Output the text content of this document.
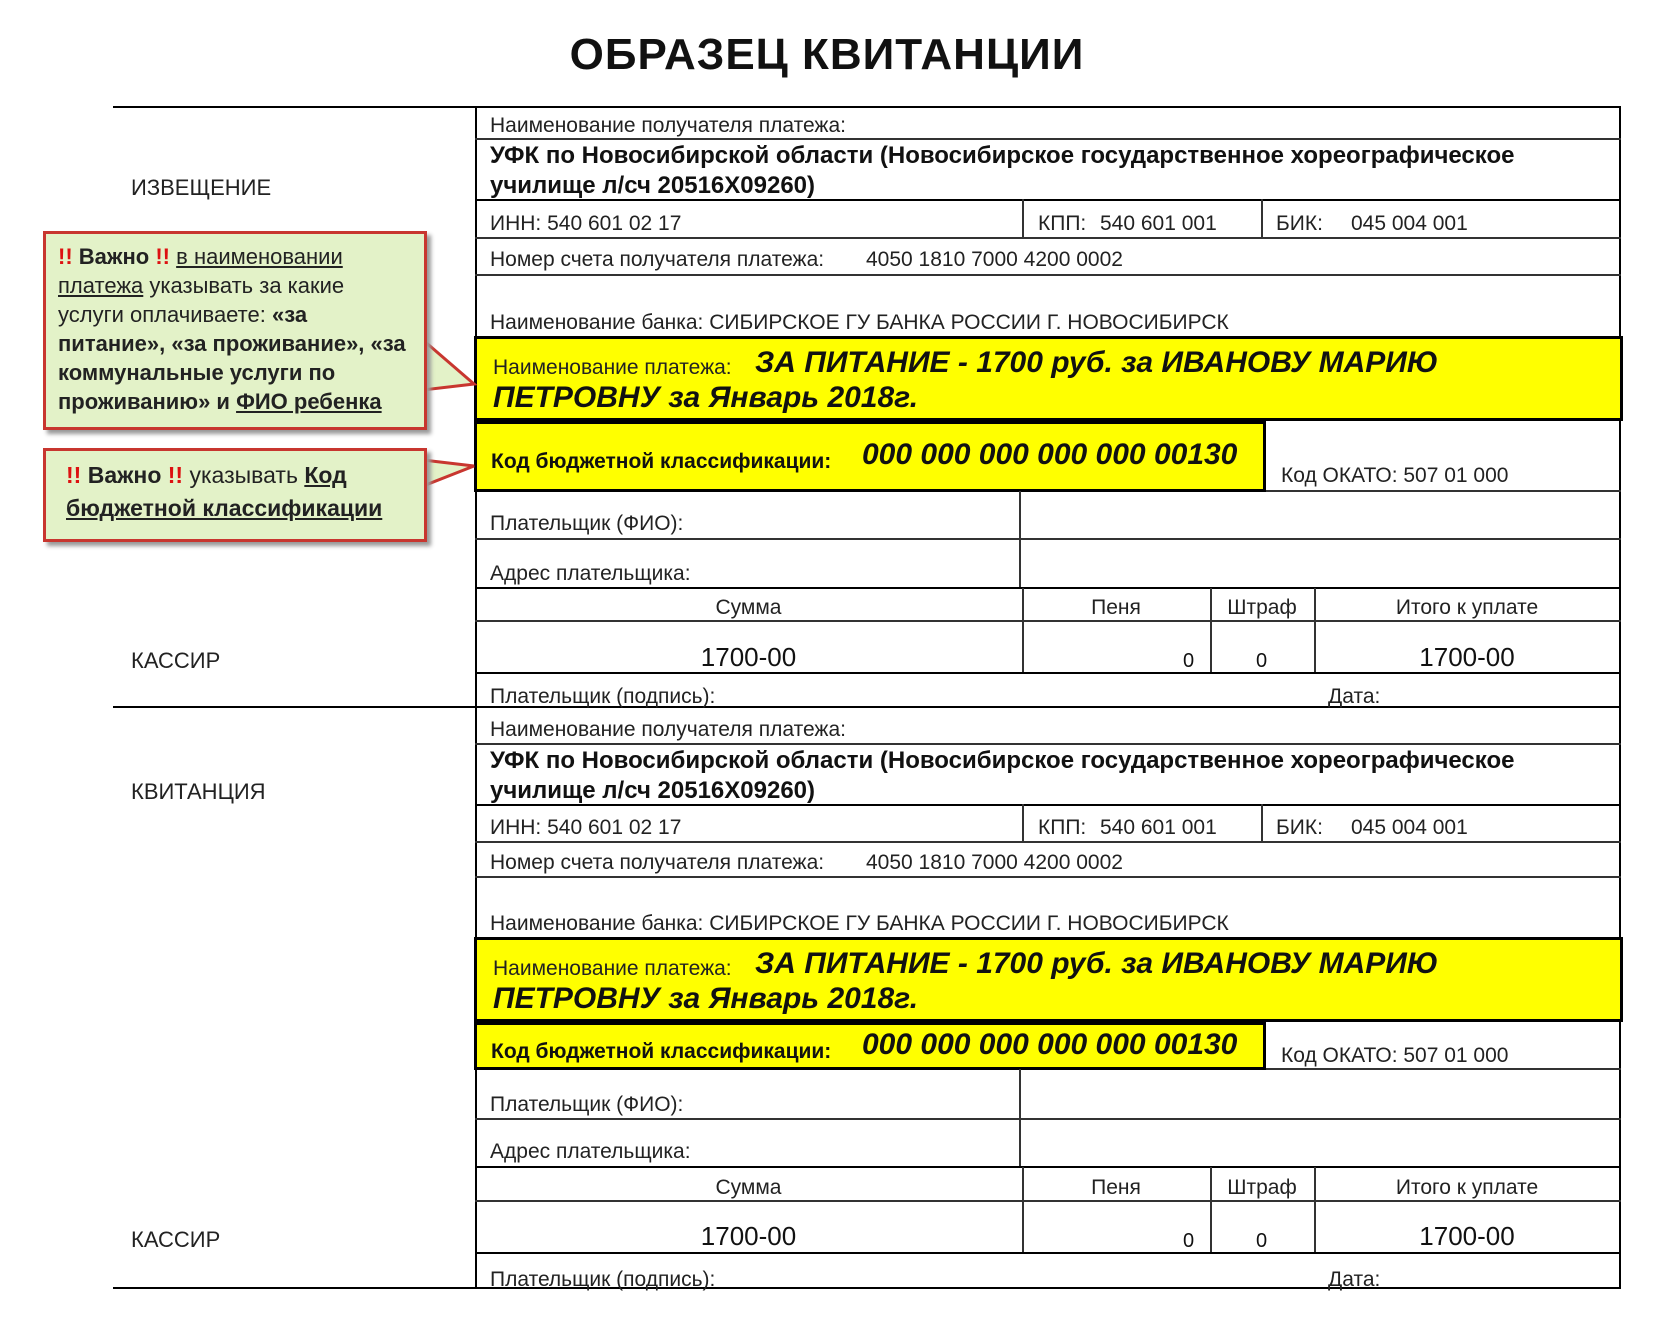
ОБРАЗЕЦ КВИТАНЦИИ
ИЗВЕЩЕНИЕ
КАССИР
Наименование получателя платежа:
УФК по Новосибирской области (Новосибирское государственное хореографическое
училище л/сч 20516X09260)
ИНН: 540 601 02 17	КПП: 540 601 001	БИК: 045 004 001
Номер счета получателя платежа: 4050 1810 7000 4200 0002
Наименование банка: СИБИРСКОЕ ГУ БАНКА РОССИИ Г. НОВОСИБИРСК
Наименование платежа: ЗА ПИТАНИЕ - 1700 руб. за ИВАНОВУ МАРИЮ
ПЕТРОВНУ за Январь 2018г.
Код бюджетной классификации: 000 000 000 000 000 00130
Код ОКАТО: 507 01 000
Плательщик (ФИО):
Адрес плательщика:
Сумма	Пеня	Штраф	Итого к уплате
1700-00	0	0	1700-00
Плательщик (подпись):	Дата:
КВИТАНЦИЯ
КАССИР
Наименование получателя платежа:
УФК по Новосибирской области (Новосибирское государственное хореографическое
училище л/сч 20516X09260)
ИНН: 540 601 02 17	КПП: 540 601 001	БИК: 045 004 001
Номер счета получателя платежа: 4050 1810 7000 4200 0002
Наименование банка: СИБИРСКОЕ ГУ БАНКА РОССИИ Г. НОВОСИБИРСК
Наименование платежа: ЗА ПИТАНИЕ - 1700 руб. за ИВАНОВУ МАРИЮ
ПЕТРОВНУ за Январь 2018г.
Код бюджетной классификации: 000 000 000 000 000 00130 Код ОКАТО: 507 01 000
Плательщик (ФИО):
Адрес плательщика:
Сумма	Пеня	Штраф	Итого к уплате
1700-00	0	0	1700-00
Плательщик (подпись):	Дата:
!! Важно !! в наименовании платежа указывать за какие услуги оплачиваете: «за питание», «за проживание», «за коммунальные услуги по проживанию» и ФИО ребенка
!! Важно !! указывать Код бюджетной классификации
